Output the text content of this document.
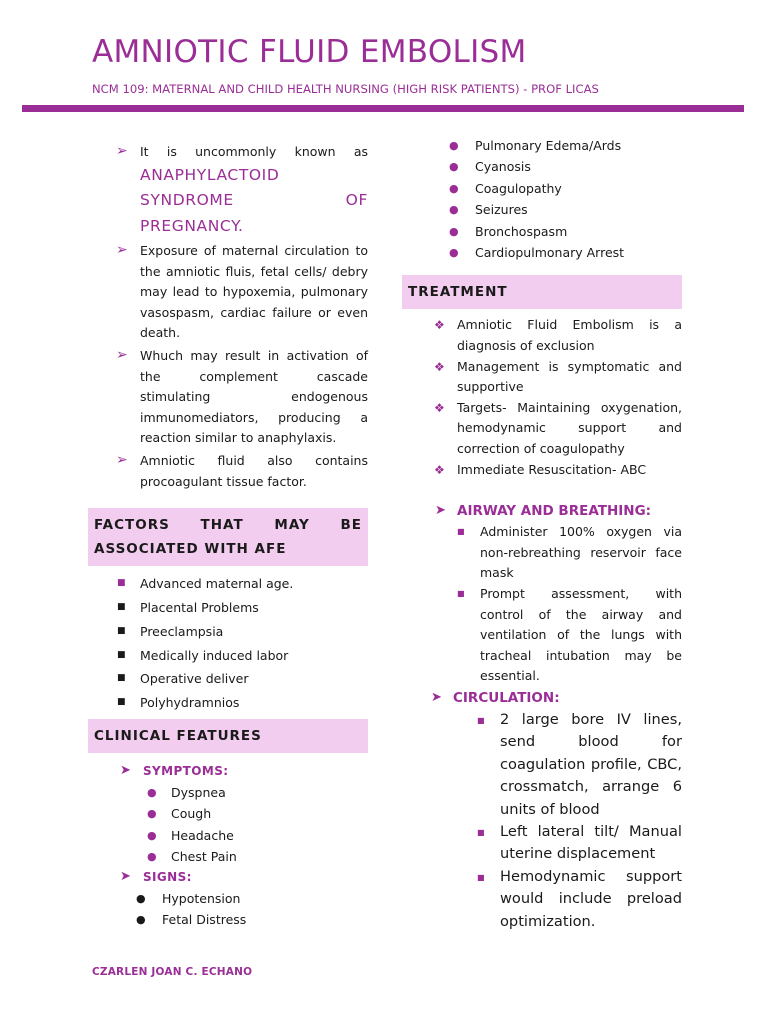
AMNIOTIC FLUID EMBOLISM
NCM 109: MATERNAL AND CHILD HEALTH NURSING (HIGH RISK PATIENTS) - PROF LICAS
➢ It is uncommonly known as
ANAPHYLACTOID
SYNDROME OF
PREGNANCY.
➢ Exposure of maternal circulation to the amniotic fluis, fetal cells/ debry may lead to hypoxemia, pulmonary vasospasm, cardiac failure or even death.
➢ Whuch may result in activation of the complement cascade stimulating endogenous immunomediators, producing a reaction similar to anaphylaxis.
➢ Amniotic fluid also contains procoagulant tissue factor.
FACTORS THAT MAY BE
ASSOCIATED WITH AFE
■ Advanced maternal age.
■ Placental Problems
■ Preeclampsia
■ Medically induced labor
■ Operative deliver
■ Polyhydramnios
CLINICAL FEATURES
➤ SYMPTOMS:
● Dyspnea
● Cough
● Headache
● Chest Pain
➤ SIGNS:
● Hypotension
● Fetal Distress
● Pulmonary Edema/Ards
● Cyanosis
● Coagulopathy
● Seizures
● Bronchospasm
● Cardiopulmonary Arrest
TREATMENT
❖ Amniotic Fluid Embolism is a diagnosis of exclusion
❖ Management is symptomatic and supportive
❖ Targets- Maintaining oxygenation, hemodynamic support and correction of coagulopathy
❖ Immediate Resuscitation- ABC
➤ AIRWAY AND BREATHING:
■ Administer 100% oxygen via non-rebreathing reservoir face mask
■ Prompt assessment, with control of the airway and ventilation of the lungs with tracheal intubation may be essential.
➤ CIRCULATION:
■ 2 large bore IV lines, send blood for coagulation profile, CBC, crossmatch, arrange 6 units of blood
■ Left lateral tilt/ Manual uterine displacement
■ Hemodynamic support would include preload optimization.
CZARLEN JOAN C. ECHANO
